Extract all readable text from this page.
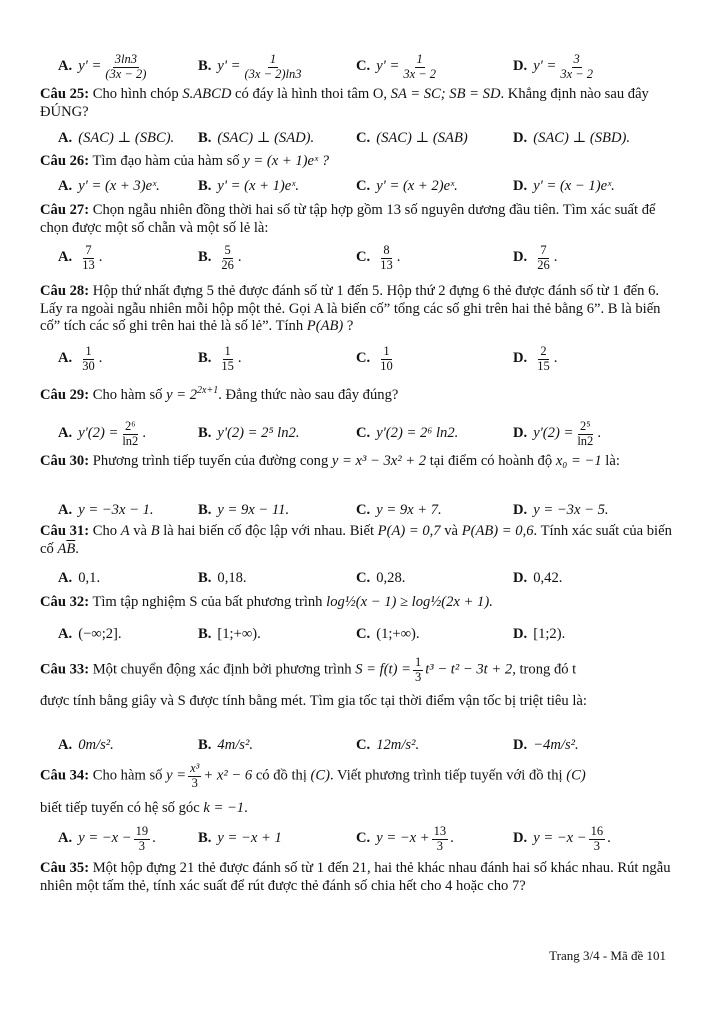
A. $y' = \frac{3\ln 3}{(3x - 2)}$	B. $y' = \frac{1}{(3x - 2)\ln 3}$	C. $y' = \frac{1}{3x - 2}$	D. $y' = \frac{3}{3x - 2}$

Câu 25: Cho hình chóp S.ABCD có đáy là hình thoi tâm O, SA = SC; SB = SD. Khẳng định nào sau đây ĐÚNG?

A. (SAC) ⊥ (SBC). B. (SAC) ⊥ (SAD).	C. (SAC) ⊥ (SAB)	D. (SAC) ⊥ (SBD).

Câu 26: Tìm đạo hàm của hàm số y = (x + 1)eˣ ?

A. y' = (x + 3)eˣ.	B. y' = (x + 1)eˣ.	C. y' = (x + 2)eˣ.	D. y' = (x − 1)eˣ.

Câu 27: Chọn ngẫu nhiên đồng thời hai số từ tập hợp gồm 13 số nguyên dương đầu tiên. Tìm xác suất để chọn được một số chẵn và một số lẻ là:

A. $\frac{7}{13}$ .	B. $\frac{5}{26}$ .	C. $\frac{8}{13}$ .	D. $\frac{7}{26}$ .

Câu 28: Hộp thứ nhất đựng 5 thẻ được đánh số từ 1 đến 5. Hộp thứ 2 đựng 6 thẻ được đánh số từ 1 đến 6. Lấy ra ngoài ngẫu nhiên mỗi hộp một thẻ. Gọi A là biến cố” tổng các số ghi trên hai thẻ bằng 6”. B là biến cố” tích các số ghi trên hai thẻ là số lẻ”. Tính P(AB) ?

A. $\frac{1}{30}$ .	B. $\frac{1}{15}$ .	C. $\frac{1}{10}$	D. $\frac{2}{15}$ .

Câu 29: Cho hàm số $y = 2^{2x+1}$. Đẳng thức nào sau đây đúng?

A. $y'(2) = \frac{\text{2⁶}}{\ln 2}$ .	B. y'(2) = 2⁵ ln2.	C. y'(2) = 2⁶ ln2.	D. $y'(2) = \frac{\text{2⁵}}{\ln 2}$ .

Câu 30: Phương trình tiếp tuyến của đường cong y = x³ − 3x² + 2 tại điểm có hoành độ x₀ = −1 là:

A. y = −3x − 1.	B. y = 9x − 11.	C. y = 9x + 7.	D. y = −3x − 5.

Câu 31: Cho A và B là hai biến cố độc lập với nhau. Biết P(A) = 0,7 và P(AB) = 0,6. Tính xác suất của biến cố $A\overline{B}$.

A. 0,1.	B. 0,18.	C. 0,28.	D. 0,42.

Câu 32: Tìm tập nghiệm S của bất phương trình log½(x − 1) ≥ log½(2x + 1).

A. (−∞;2].	B. [1;+∞).	C. (1;+∞).	D. [1;2).

Câu 33: Một chuyển động xác định bởi phương trình $S = f(t) = \frac{1}{3} t^3 - t^2 - 3t + 2$, trong đó t

được tính bằng giây và S được tính bằng mét. Tìm gia tốc tại thời điểm vận tốc bị triệt tiêu là:

A. 0m/s².	B. 4m/s².	C. 12m/s².	D. −4m/s².

Câu 34: Cho hàm số $y = \frac{\text{x³}}{3} + x^2 - 6$ có đồ thị (C). Viết phương trình tiếp tuyến với đồ thị (C)

biết tiếp tuyến có hệ số góc k = −1.

A. $y = -x - \frac{19}{3}$ .	B. y = −x + 1	C. $y = -x + \frac{13}{3}$ .	D. $y = -x - \frac{16}{3}$ .

Câu 35: Một hộp đựng 21 thẻ được đánh số từ 1 đến 21, hai thẻ khác nhau đánh hai số khác nhau. Rút ngẫu nhiên một tấm thẻ, tính xác suất để rút được thẻ đánh số chia hết cho 4 hoặc cho 7?

Trang 3/4 - Mã đề 101
